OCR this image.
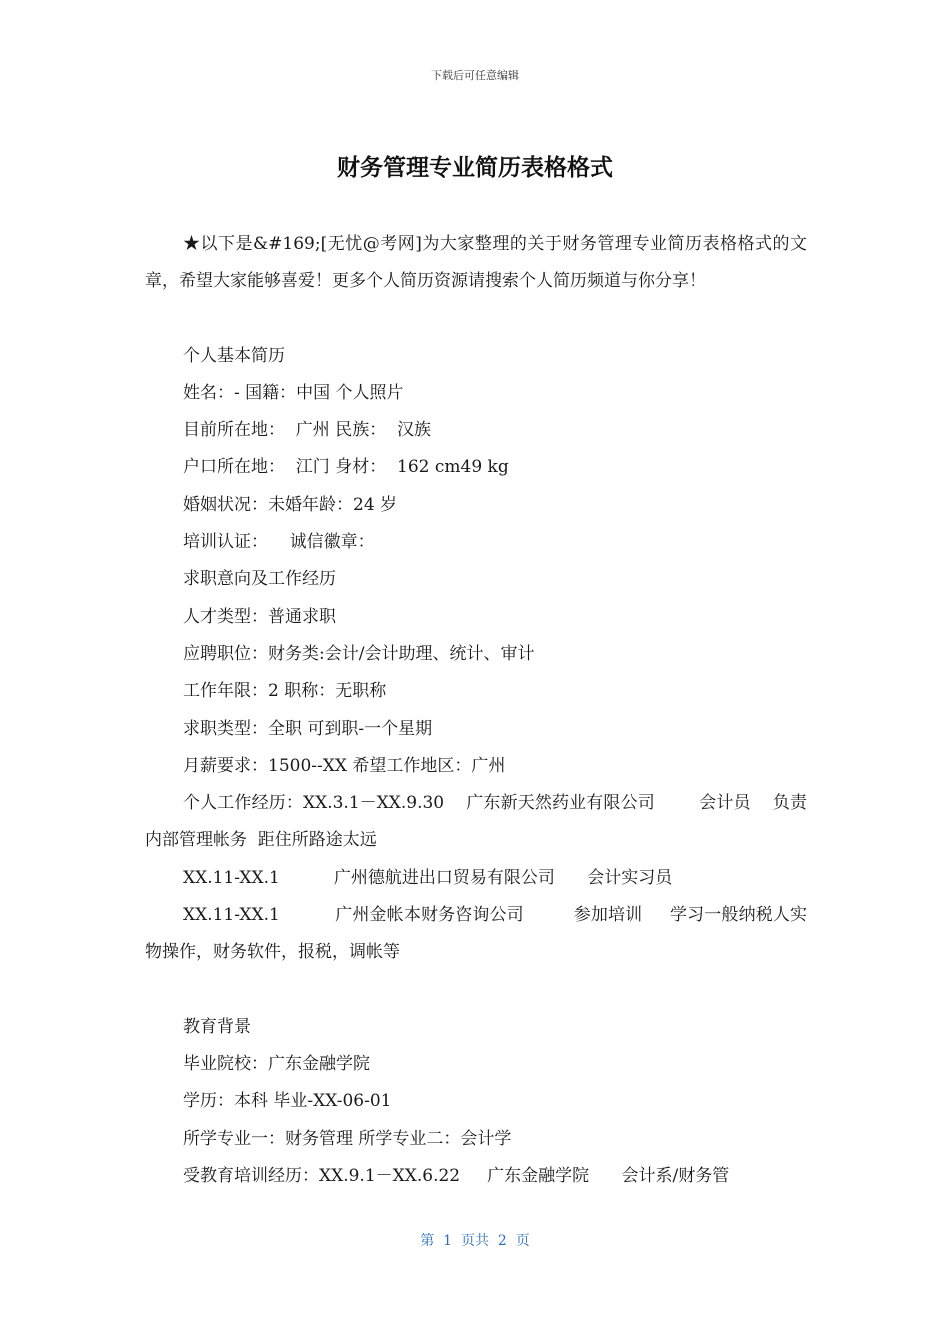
下载后可任意编辑
财务管理专业简历表格格式

★以下是&#169;[无忧@考网]为大家整理的关于财务管理专业简历表格格式的文章，希望大家能够喜爱！更多个人简历资源请搜索个人简历频道与你分享！

个人基本简历

姓名：- 国籍：中国 个人照片

目前所在地：  广州 民族：  汉族

户口所在地：  江门 身材：  162 cm49 kg

婚姻状况：未婚年龄：24 岁

培训认证：    诚信徽章：

求职意向及工作经历

人才类型：普通求职

应聘职位：财务类:会计/会计助理、统计、审计

工作年限：2 职称：无职称

求职类型：全职 可到职-一个星期

月薪要求：1500--XX 希望工作地区：广州

个人工作经历：XX.3.1－XX.9.30    广东新天然药业有限公司        会计员    负责内部管理帐务  距住所路途太远

XX.11-XX.1          广州德航进出口贸易有限公司      会计实习员

XX.11-XX.1          广州金帐本财务咨询公司         参加培训     学习一般纳税人实物操作，财务软件，报税，调帐等

教育背景

毕业院校：广东金融学院

学历：本科 毕业-XX-06-01

所学专业一：财务管理 所学专业二：会计学

受教育培训经历：XX.9.1－XX.6.22     广东金融学院      会计系/财务管

第  1  页共  2  页
